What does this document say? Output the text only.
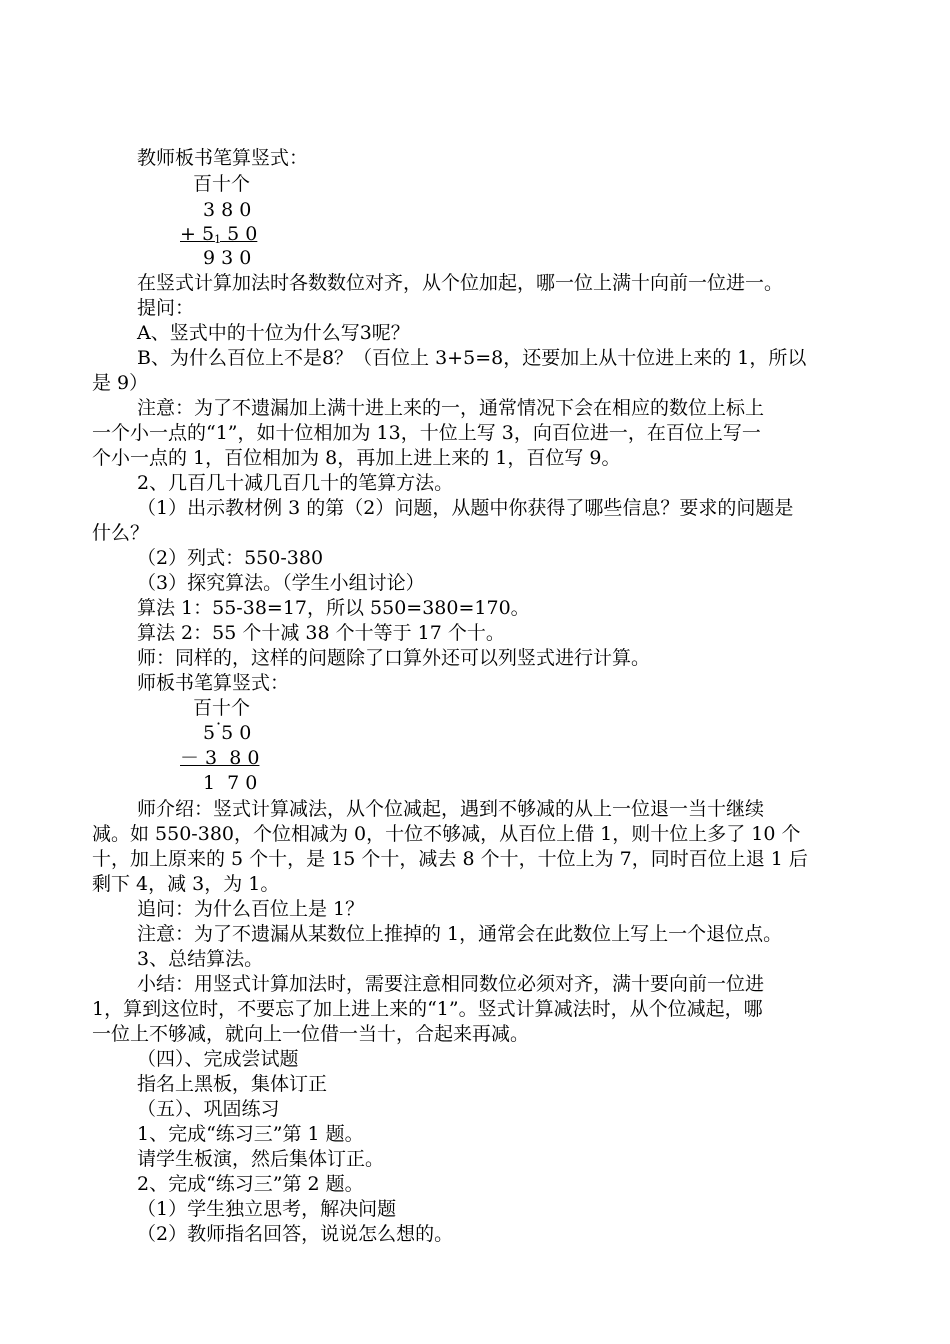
教师板书笔算竖式：
百十个
3 8 0
+ $5_1$ 5 0
9 3 0
在竖式计算加法时各数数位对齐，从个位加起，哪一位上满十向前一位进一。
提问：
A、竖式中的十位为什么写3呢？
B、为什么百位上不是8？（百位上 3+5=8，还要加上从十位进上来的 1，所以
是 9）
注意：为了不遗漏加上满十进上来的一，通常情况下会在相应的数位上标上
一个小一点的“1”，如十位相加为 13，十位上写 3，向百位进一，在百位上写一
个小一点的 1，百位相加为 8，再加上进上来的 1，百位写 9。
2、几百几十减几百几十的笔算方法。
（1）出示教材例 3 的第（2）问题，从题中你获得了哪些信息？要求的问题是
什么？
（2）列式：550-380
（3）探究算法。（学生小组讨论）
算法 1：55-38=17，所以 550=380=170。
算法 2：55 个十减 38 个十等于 17 个十。
师：同样的，这样的问题除了口算外还可以列竖式进行计算。
师板书笔算竖式：
百十个
5 · 5 0
－ 3  8 0
1  7 0
师介绍：竖式计算减法，从个位减起，遇到不够减的从上一位退一当十继续
减。如 550-380，个位相减为 0，十位不够减，从百位上借 1，则十位上多了 10 个
十，加上原来的 5 个十，是 15 个十，减去 8 个十，十位上为 7，同时百位上退 1 后
剩下 4，减 3，为 1。
追问：为什么百位上是 1？
注意：为了不遗漏从某数位上推掉的 1，通常会在此数位上写上一个退位点。
3、总结算法。
小结：用竖式计算加法时，需要注意相同数位必须对齐，满十要向前一位进
1，算到这位时，不要忘了加上进上来的“1”。竖式计算减法时，从个位减起，哪
一位上不够减，就向上一位借一当十，合起来再减。
（四）、完成尝试题
指名上黑板，集体订正
（五）、巩固练习
1、完成“练习三”第 1 题。
请学生板演，然后集体订正。
2、完成“练习三”第 2 题。
（1）学生独立思考，解决问题
（2）教师指名回答，说说怎么想的。
